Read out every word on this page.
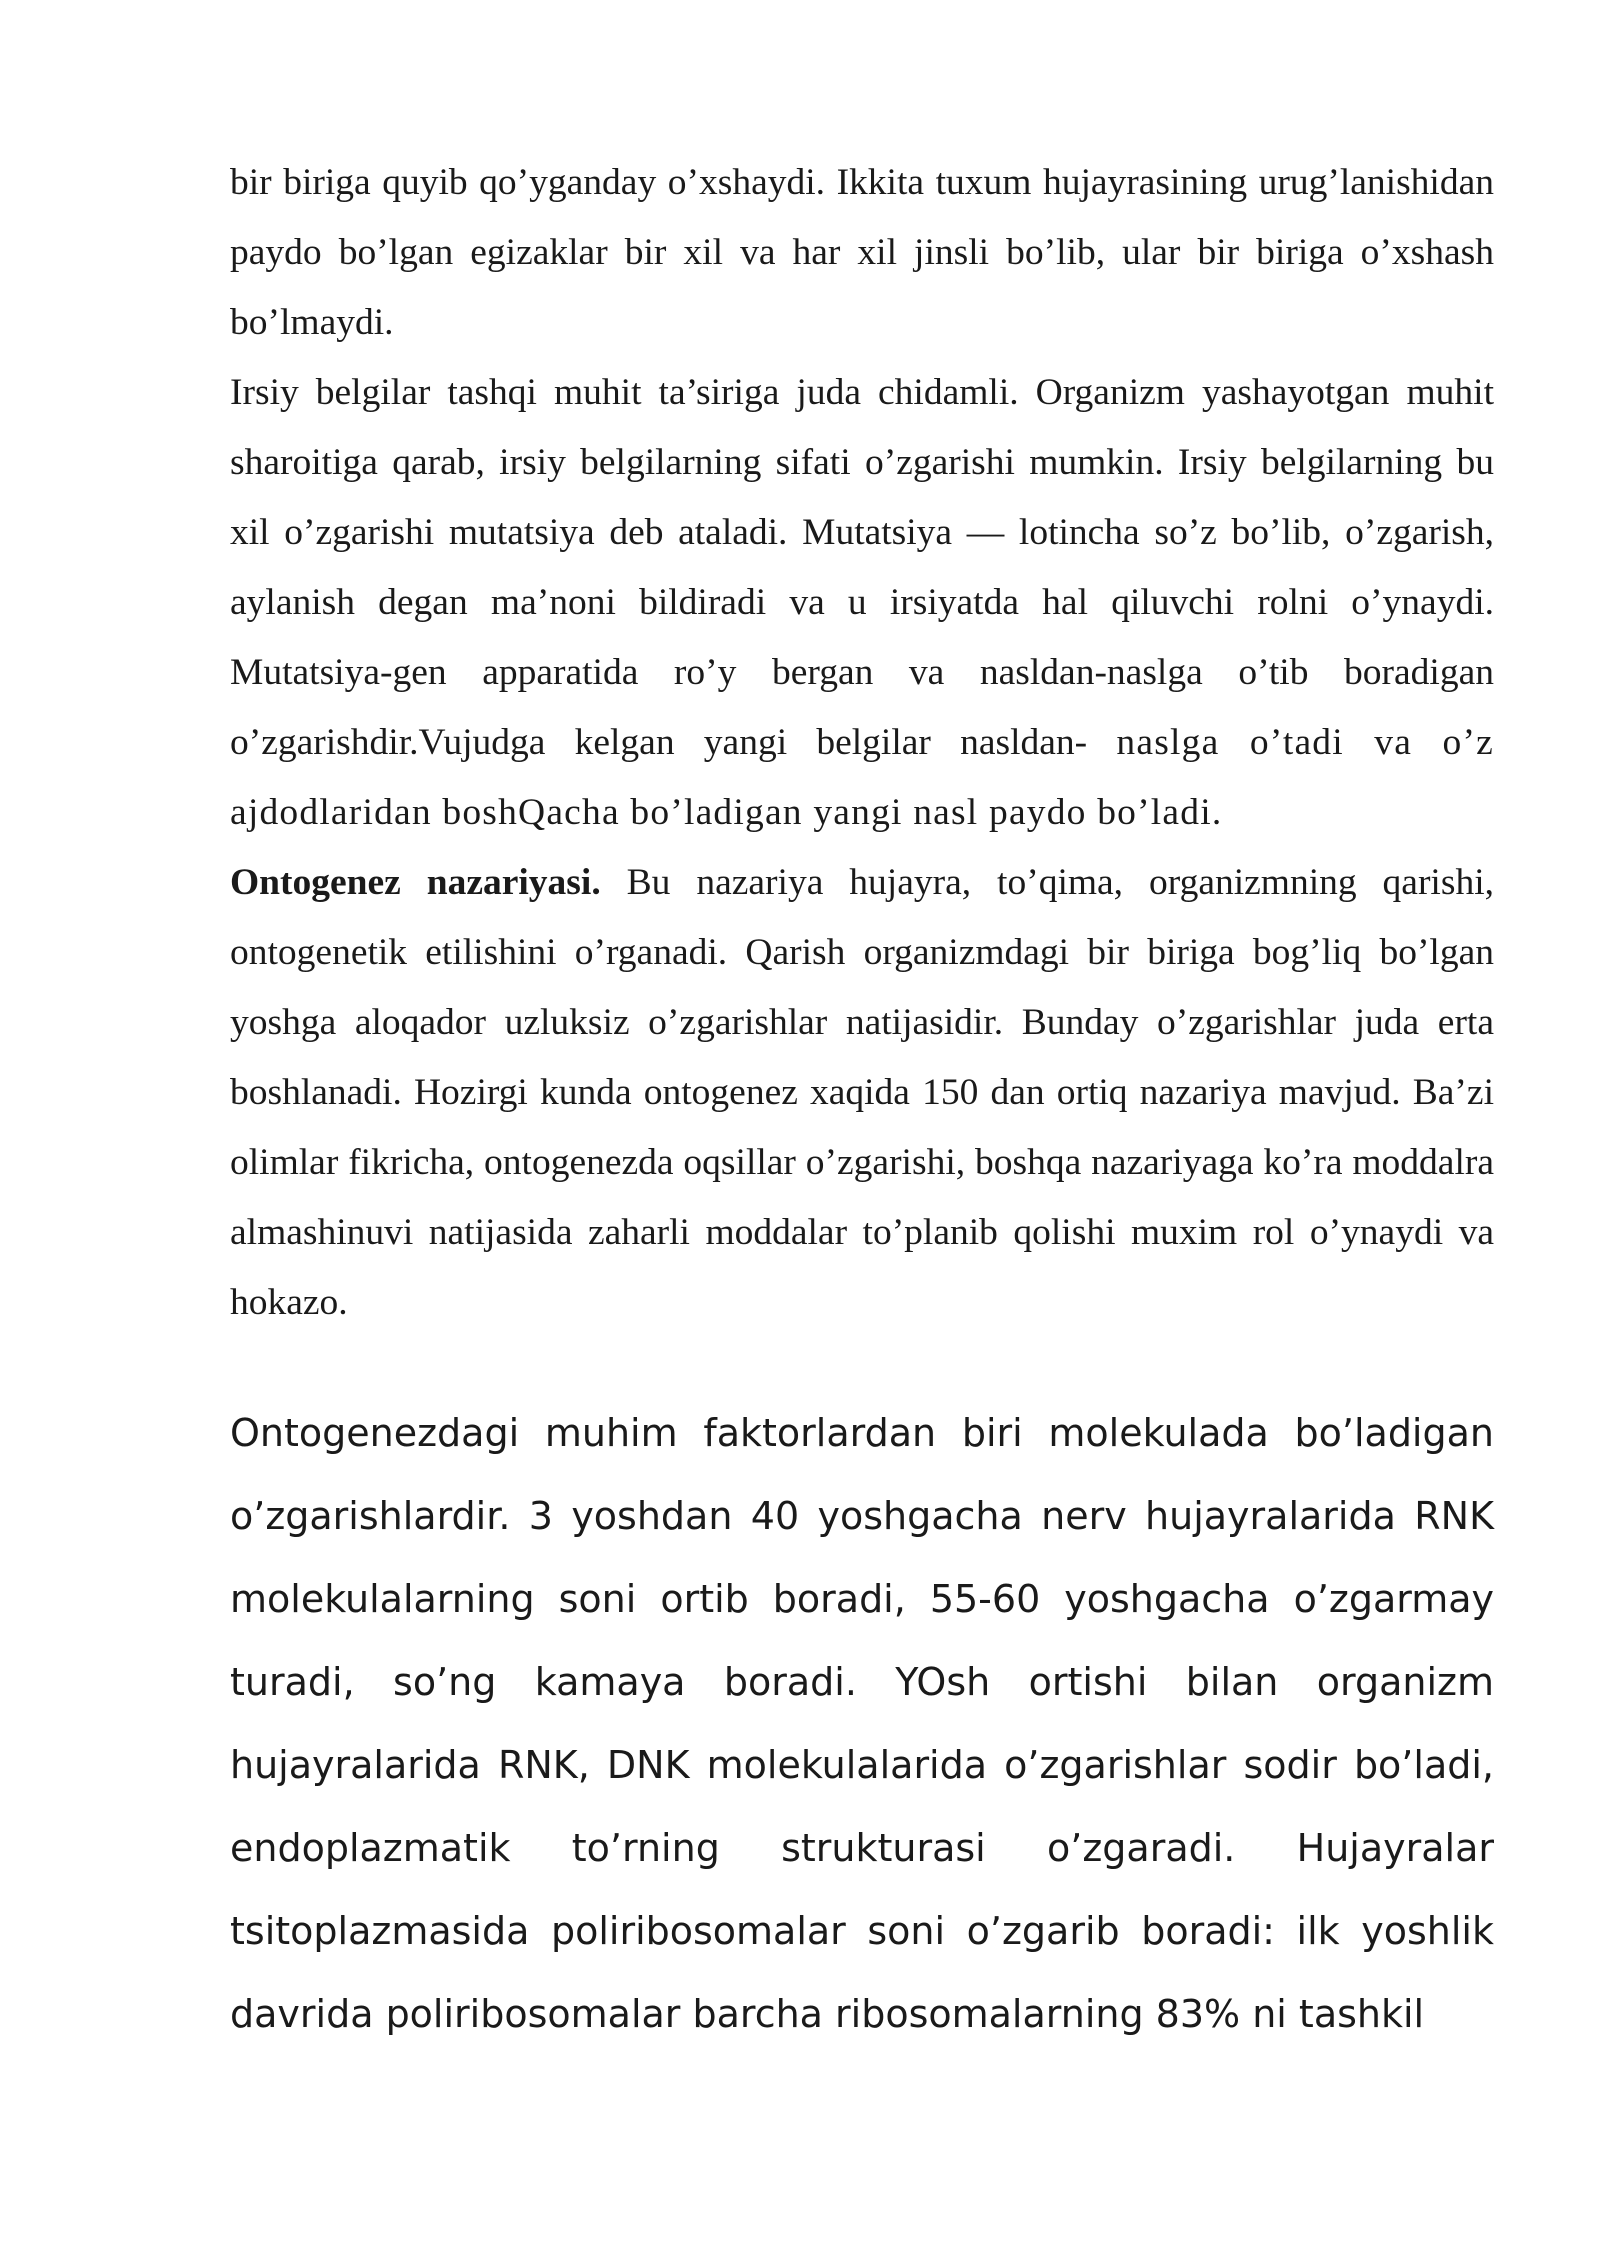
bir biriga quyib qo’yganday o’xshaydi. Ikkita tuxum hujayrasining urug’lanishidan paydo bo’lgan egizaklar bir xil va har xil jinsli bo’lib, ular bir biriga o’xshash bo’lmaydi.

Irsiy belgilar tashqi muhit ta’siriga juda chidamli. Organizm yashayotgan muhit sharoitiga qarab, irsiy belgilarning sifati o’zgarishi mumkin. Irsiy belgilarning bu xil o’zgarishi mutatsiya deb ataladi. Mutatsiya — lotincha so’z bo’lib, o’zgarish, aylanish degan ma’noni bildiradi va u irsiyatda hal qiluvchi rolni o’ynaydi. Mutatsiya-gen apparatida ro’y bergan va nasldan-naslga o’tib boradigan o’zgarishdir.Vujudga kelgan yangi belgilar nasldan- naslga o’tadi va o’z ajdodlaridan boshQacha bo’ladigan yangi nasl paydo bo’ladi.

Ontogenez nazariyasi. Bu nazariya hujayra, to’qima, organizmning qarishi, ontogenetik etilishini o’rganadi. Qarish organizmdagi bir biriga bog’liq bo’lgan yoshga aloqador uzluksiz o’zgarishlar natijasidir. Bunday o’zgarishlar juda erta boshlanadi. Hozirgi kunda ontogenez xaqida 150 dan ortiq nazariya mavjud. Ba’zi olimlar fikricha, ontogenezda oqsillar o’zgarishi, boshqa nazariyaga ko’ra moddalra almashinuvi natijasida zaharli moddalar to’planib qolishi muxim rol o’ynaydi va hokazo.

Ontogenezdagi muhim faktorlardan biri molekulada bo’ladigan o’zgarishlardir. 3 yoshdan 40 yoshgacha nerv hujayralarida RNK molekulalarning soni ortib boradi, 55-60 yoshgacha o’zgarmay turadi, so’ng kamaya boradi. YOsh ortishi bilan organizm hujayralarida RNK, DNK molekulalarida o’zgarishlar sodir bo’ladi, endoplazmatik to’rning strukturasi o’zgaradi. Hujayralar tsitoplazmasida poliribosomalar soni o’zgarib boradi: ilk yoshlik davrida poliribosomalar barcha ribosomalarning 83% ni tashkil
